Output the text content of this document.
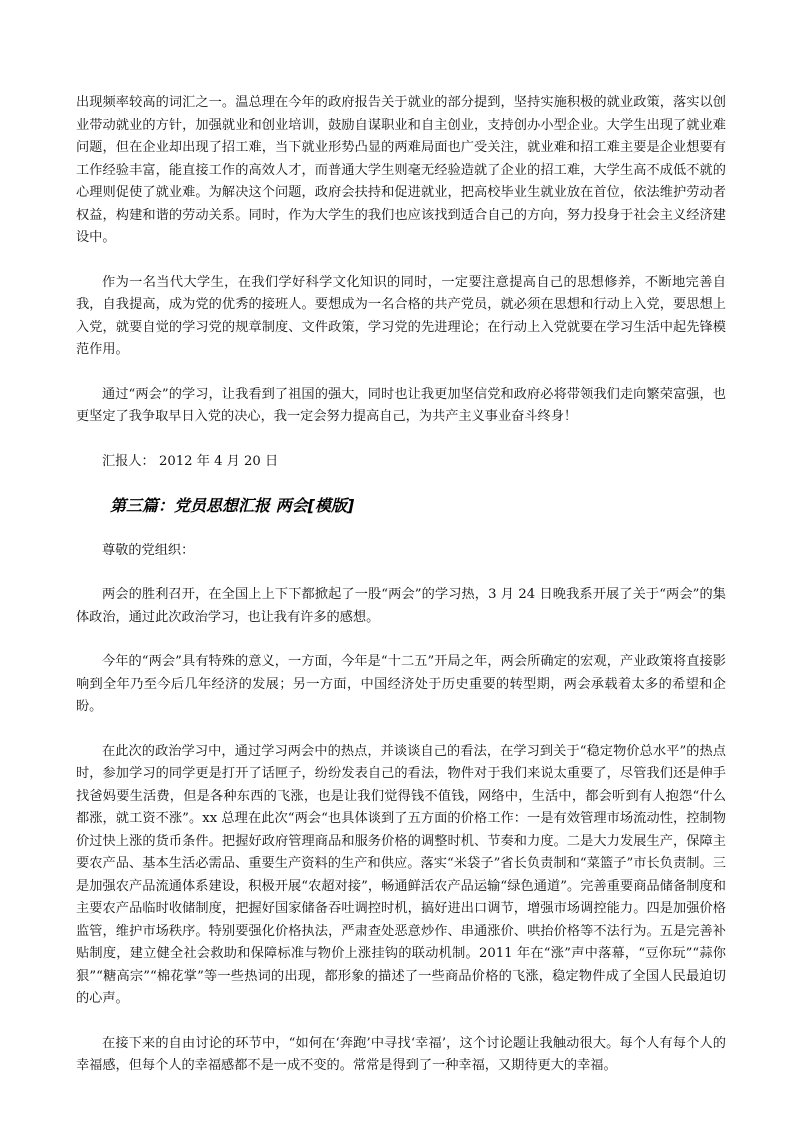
出现频率较高的词汇之一。温总理在今年的政府报告关于就业的部分提到，坚持实施积极的就业政策，落实以创业带动就业的方针，加强就业和创业培训，鼓励自谋职业和自主创业，支持创办小型企业。大学生出现了就业难问题，但在企业却出现了招工难，当下就业形势凸显的两难局面也广受关注，就业难和招工难主要是企业想要有工作经验丰富，能直接工作的高效人才，而普通大学生则毫无经验造就了企业的招工难，大学生高不成低不就的心理则促使了就业难。为解决这个问题，政府会扶持和促进就业，把高校毕业生就业放在首位，依法维护劳动者权益，构建和谐的劳动关系。同时，作为大学生的我们也应该找到适合自己的方向，努力投身于社会主义经济建设中。

作为一名当代大学生，在我们学好科学文化知识的同时，一定要注意提高自己的思想修养，不断地完善自我，自我提高，成为党的优秀的接班人。要想成为一名合格的共产党员，就必须在思想和行动上入党，要思想上入党，就要自觉的学习党的规章制度、文件政策，学习党的先进理论；在行动上入党就要在学习生活中起先锋模范作用。

通过“两会”的学习，让我看到了祖国的强大，同时也让我更加坚信党和政府必将带领我们走向繁荣富强，也更坚定了我争取早日入党的决心，我一定会努力提高自己，为共产主义事业奋斗终身！

汇报人： 2012 年 4 月 20 日

第三篇：党员思想汇报 两会[模版]

尊敬的党组织：

两会的胜利召开，在全国上上下下都掀起了一股“两会”的学习热，3 月 24 日晚我系开展了关于“两会”的集体政治，通过此次政治学习，也让我有许多的感想。

今年的“两会”具有特殊的意义，一方面，今年是“十二五”开局之年，两会所确定的宏观，产业政策将直接影响到全年乃至今后几年经济的发展；另一方面，中国经济处于历史重要的转型期，两会承载着太多的希望和企盼。

在此次的政治学习中，通过学习两会中的热点，并谈谈自己的看法，在学习到关于“稳定物价总水平”的热点时，参加学习的同学更是打开了话匣子，纷纷发表自己的看法，物件对于我们来说太重要了，尽管我们还是伸手找爸妈要生活费，但是各种东西的飞涨，也是让我们觉得钱不值钱，网络中，生活中，都会听到有人抱怨“什么都涨，就工资不涨”。xx 总理在此次“两会“也具体谈到了五方面的价格工作：一是有效管理市场流动性，控制物价过快上涨的货币条件。把握好政府管理商品和服务价格的调整时机、节奏和力度。二是大力发展生产，保障主要农产品、基本生活必需品、重要生产资料的生产和供应。落实“米袋子”省长负责制和“菜篮子”市长负责制。三是加强农产品流通体系建设，积极开展“农超对接”，畅通鲜活农产品运输“绿色通道”。完善重要商品储备制度和主要农产品临时收储制度，把握好国家储备吞吐调控时机，搞好进出口调节，增强市场调控能力。四是加强价格监管，维护市场秩序。特别要强化价格执法，严肃查处恶意炒作、串通涨价、哄抬价格等不法行为。五是完善补贴制度，建立健全社会救助和保障标准与物价上涨挂钩的联动机制。2011 年在“涨”声中落幕，“豆你玩”“蒜你狠”“糖高宗”“棉花掌”等一些热词的出现，都形象的描述了一些商品价格的飞涨，稳定物件成了全国人民最迫切的心声。

在接下来的自由讨论的环节中，“如何在‘奔跑’中寻找‘幸福’，这个讨论题让我触动很大。每个人有每个人的幸福感，但每个人的幸福感都不是一成不变的。常常是得到了一种幸福，又期待更大的幸福。
